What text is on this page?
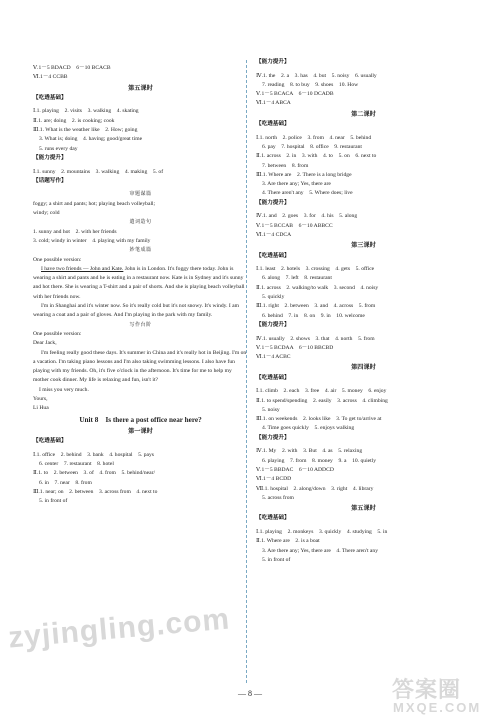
Ⅴ.1－5 BDACD　6－10 BCACB
Ⅵ.1－4 CCBB
第五课时
【吃透基础】
Ⅰ.1. playing　2. visits　3. walking　4. skating
Ⅱ.1. are; doing　2. is cooking; cook
Ⅲ.1. What is the weather like　2. How; going
3. What is; doing　4. having; good/great time
5. runs every day
【能力提升】
Ⅰ.1. sunny　2. mountains　3. walking　4. making　5. of
【话题写作】
审题谋篇
foggy; a shirt and pants; hot; playing beach volleyball;
windy; cold
遣词造句
1. sunny and hot　2. with her friends
3. cold; windy in winter　4. playing with my family
妙笔成篇
One possible version:
I have two friends — John and Kate. John is in London. It's foggy there today. John is wearing a shirt and pants and he is eating in a restaurant now. Kate is in Sydney and it's sunny and hot there. She is wearing a T-shirt and a pair of shorts. And she is playing beach volleyball with her friends now.
I'm in Shanghai and it's winter now. So it's really cold but it's not snowy. It's windy. I am wearing a coat and a pair of gloves. And I'm playing in the park with my family.
写作台阶
One possible version:
Dear Jack,
I'm feeling really good these days. It's summer in China and it's really hot in Beijing. I'm on a vacation. I'm taking piano lessons and I'm also taking swimming lessons. I also have fun playing with my friends. Oh, it's five o'clock in the afternoon. It's time for me to help my mother cook dinner. My life is relaxing and fun, isn't it?
I miss you very much.
Yours,
Li Hua
Unit 8　Is there a post office near here?
第一课时
【吃透基础】
Ⅰ.1. office　2. behind　3. bank　4. hospital　5. pays
6. center　7. restaurant　8. hotel
Ⅱ.1. to　2. between　3. of　4. from　5. behind/near/
6. in　7. near　8. from
Ⅲ.1. near; on　2. between　3. across from　4. next to
5. in front of
【能力提升】
Ⅳ.1. the　2. a　3. has　4. but　5. noisy　6. usually
7. reading　8. to buy　9. shoes　10. How
Ⅴ.1－5 BCACA　6－10 DCADB
Ⅵ.1－4 ABCA
第二课时
【吃透基础】
Ⅰ.1. north　2. police　3. from　4. near　5. behind
6. pay　7. hospital　8. office　9. restaurant
Ⅱ.1. across　2. in　3. with　4. to　5. on　6. next to
7. between　8. from
Ⅲ.1. Where are　2. There is a long bridge
3. Are there any; Yes, there are
4. There aren't any　5. Where does; live
【能力提升】
Ⅳ.1. and　2. goes　3. for　4. his　5. along
Ⅴ.1－5 BCCAB　6－10 ABBCC
Ⅵ.1－4 CDCA
第三课时
【吃透基础】
Ⅰ.1. least　2. hotels　3. crossing　4. gets　5. office
6. along　7. left　8. restaurant
Ⅱ.1. across　2. walking/to walk　3. second　4. noisy
5. quickly
Ⅲ.1. right　2. between　3. and　4. across　5. from
6. behind　7. in　8. on　9. in　10. welcome
【能力提升】
Ⅳ.1. usually　2. shows　3. that　4. north　5. from
Ⅴ.1－5 BCDAA　6－10 BBCBD
Ⅵ.1－4 ACBC
第四课时
【吃透基础】
Ⅰ.1. climb　2. each　3. free　4. air　5. money　6. enjoy
Ⅱ.1. to spend/spending　2. easily　3. across　4. climbing
5. noisy
Ⅲ.1. on weekends　2. looks like　3. To get to/arrive at
4. Time goes quickly　5. enjoys walking
【能力提升】
Ⅳ.1. My　2. with　3. But　4. as　5. relaxing
6. playing　7. from　8. money　9. a　10. quietly
Ⅴ.1－5 BBDAC　6－10 ADDCD
Ⅵ.1－4 BCDD
Ⅶ.1. hospital　2. along/down　3. right　4. library
5. across from
第五课时
【吃透基础】
Ⅰ.1. playing　2. monkeys　3. quickly　4. studying　5. in
Ⅱ.1. Where are　2. is a boat
3. Are there any; Yes, there are　4. There aren't any
5. in front of
— 8 —
zyjingling.com
答案圈
MXQE.COM
